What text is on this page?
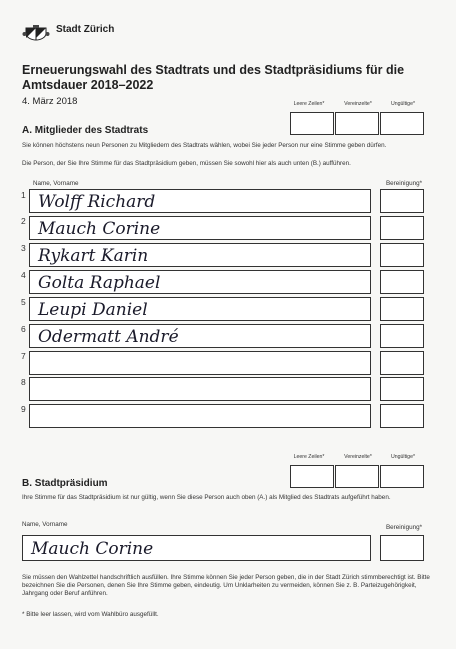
Stadt Zürich
Erneuerungswahl des Stadtrats und des Stadtpräsidiums für die Amtsdauer 2018–2022
4. März 2018	Leere Zeilen*	Vereinzelte*	Ungültige*
A. Mitglieder des Stadtrats
Sie können höchstens neun Personen zu Mitgliedern des Stadtrats wählen, wobei Sie jeder Person nur eine Stimme geben dürfen.
Die Person, der Sie Ihre Stimme für das Stadtpräsidium geben, müssen Sie sowohl hier als auch unten (B.) aufführen.
Name, Vorname	Bereinigung*
1 Wolff Richard
2 Mauch Corine
3 Rykart Karin
4 Golta Raphael
5 Leupi Daniel
6 Odermatt André
7
8
9
Leere Zeilen*	Vereinzelte*	Ungültige*
B. Stadtpräsidium
Ihre Stimme für das Stadtpräsidium ist nur gültig, wenn Sie diese Person auch oben (A.) als Mitglied des Stadtrats aufgeführt haben.
Name, Vorname	Bereinigung*
Mauch Corine
Sie müssen den Wahlzettel handschriftlich ausfüllen. Ihre Stimme können Sie jeder Person geben, die in der Stadt Zürich stimmberechtigt ist. Bitte bezeichnen Sie die Personen, denen Sie Ihre Stimme geben, eindeutig. Um Unklarheiten zu vermeiden, können Sie z. B. Parteizugehörigkeit, Jahrgang oder Beruf anführen.
* Bitte leer lassen, wird vom Wahlbüro ausgefüllt.
